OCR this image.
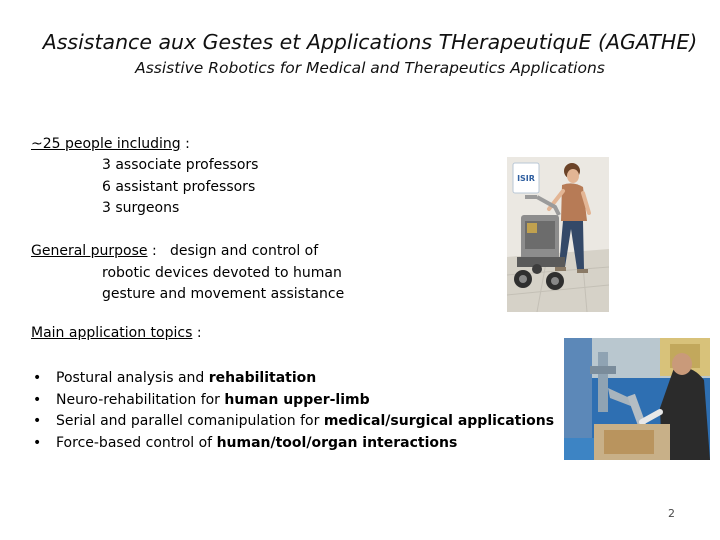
Assistance aux Gestes et Applications THerapeutiquE (AGATHE)
Assistive Robotics for Medical and Therapeutics Applications
~25 people including :
3 associate professors
6 assistant professors
3 surgeons
General purpose :   design and control of
robotic devices devoted to human
gesture and movement assistance
Main application topics :
• Postural analysis and rehabilitation
• Neuro-rehabilitation for human upper-limb
• Serial and parallel comanipulation for medical/surgical applications
• Force-based control of human/tool/organ interactions
ISIR
2
